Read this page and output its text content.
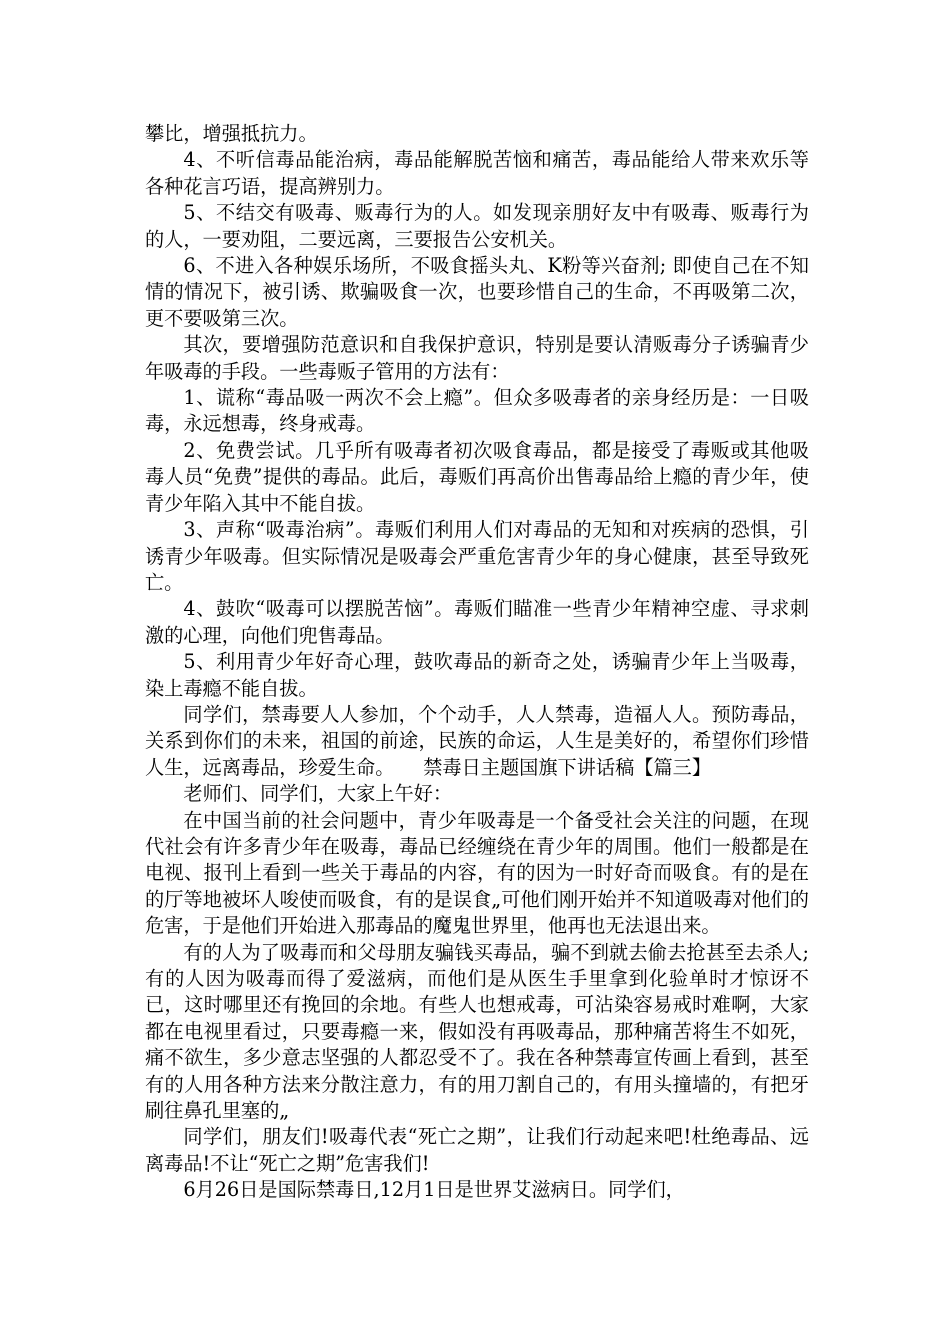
攀比，增强抵抗力。

4、不听信毒品能治病，毒品能解脱苦恼和痛苦，毒品能给人带来欢乐等各种花言巧语，提高辨别力。

5、不结交有吸毒、贩毒行为的人。如发现亲朋好友中有吸毒、贩毒行为的人，一要劝阻，二要远离，三要报告公安机关。

6、不进入各种娱乐场所，不吸食摇头丸、K粉等兴奋剂; 即使自己在不知情的情况下，被引诱、欺骗吸食一次，也要珍惜自己的生命，不再吸第二次，更不要吸第三次。

其次，要增强防范意识和自我保护意识，特别是要认清贩毒分子诱骗青少年吸毒的手段。一些毒贩子管用的方法有：

1、谎称“毒品吸一两次不会上瘾”。但众多吸毒者的亲身经历是：一日吸毒，永远想毒，终身戒毒。

2、免费尝试。几乎所有吸毒者初次吸食毒品，都是接受了毒贩或其他吸毒人员“免费”提供的毒品。此后，毒贩们再高价出售毒品给上瘾的青少年，使青少年陷入其中不能自拔。

3、声称“吸毒治病”。毒贩们利用人们对毒品的无知和对疾病的恐惧，引诱青少年吸毒。但实际情况是吸毒会严重危害青少年的身心健康，甚至导致死亡。

4、鼓吹“吸毒可以摆脱苦恼”。毒贩们瞄准一些青少年精神空虚、寻求刺激的心理，向他们兜售毒品。

5、利用青少年好奇心理，鼓吹毒品的新奇之处，诱骗青少年上当吸毒，染上毒瘾不能自拔。

同学们，禁毒要人人参加，个个动手，人人禁毒，造福人人。预防毒品，关系到你们的未来，祖国的前途，民族的命运，人生是美好的，希望你们珍惜人生，远离毒品，珍爱生命。　　禁毒日主题国旗下讲话稿【篇三】

老师们、同学们，大家上午好：

在中国当前的社会问题中，青少年吸毒是一个备受社会关注的问题，在现代社会有许多青少年在吸毒，毒品已经缠绕在青少年的周围。他们一般都是在电视、报刊上看到一些关于毒品的内容，有的因为一时好奇而吸食。有的是在的厅等地被坏人唆使而吸食，有的是误食„可他们刚开始并不知道吸毒对他们的危害，于是他们开始进入那毒品的魔鬼世界里，他再也无法退出来。

有的人为了吸毒而和父母朋友骗钱买毒品，骗不到就去偷去抢甚至去杀人;有的人因为吸毒而得了爱滋病，而他们是从医生手里拿到化验单时才惊讶不已，这时哪里还有挽回的余地。有些人也想戒毒，可沾染容易戒时难啊，大家都在电视里看过，只要毒瘾一来，假如没有再吸毒品，那种痛苦将生不如死，痛不欲生，多少意志坚强的人都忍受不了。我在各种禁毒宣传画上看到，甚至有的人用各种方法来分散注意力，有的用刀割自己的，有用头撞墙的，有把牙刷往鼻孔里塞的„

同学们，朋友们!吸毒代表“死亡之期”，让我们行动起来吧!杜绝毒品、远离毒品!不让“死亡之期”危害我们!

6月26日是国际禁毒日,12月1日是世界艾滋病日。同学们，
